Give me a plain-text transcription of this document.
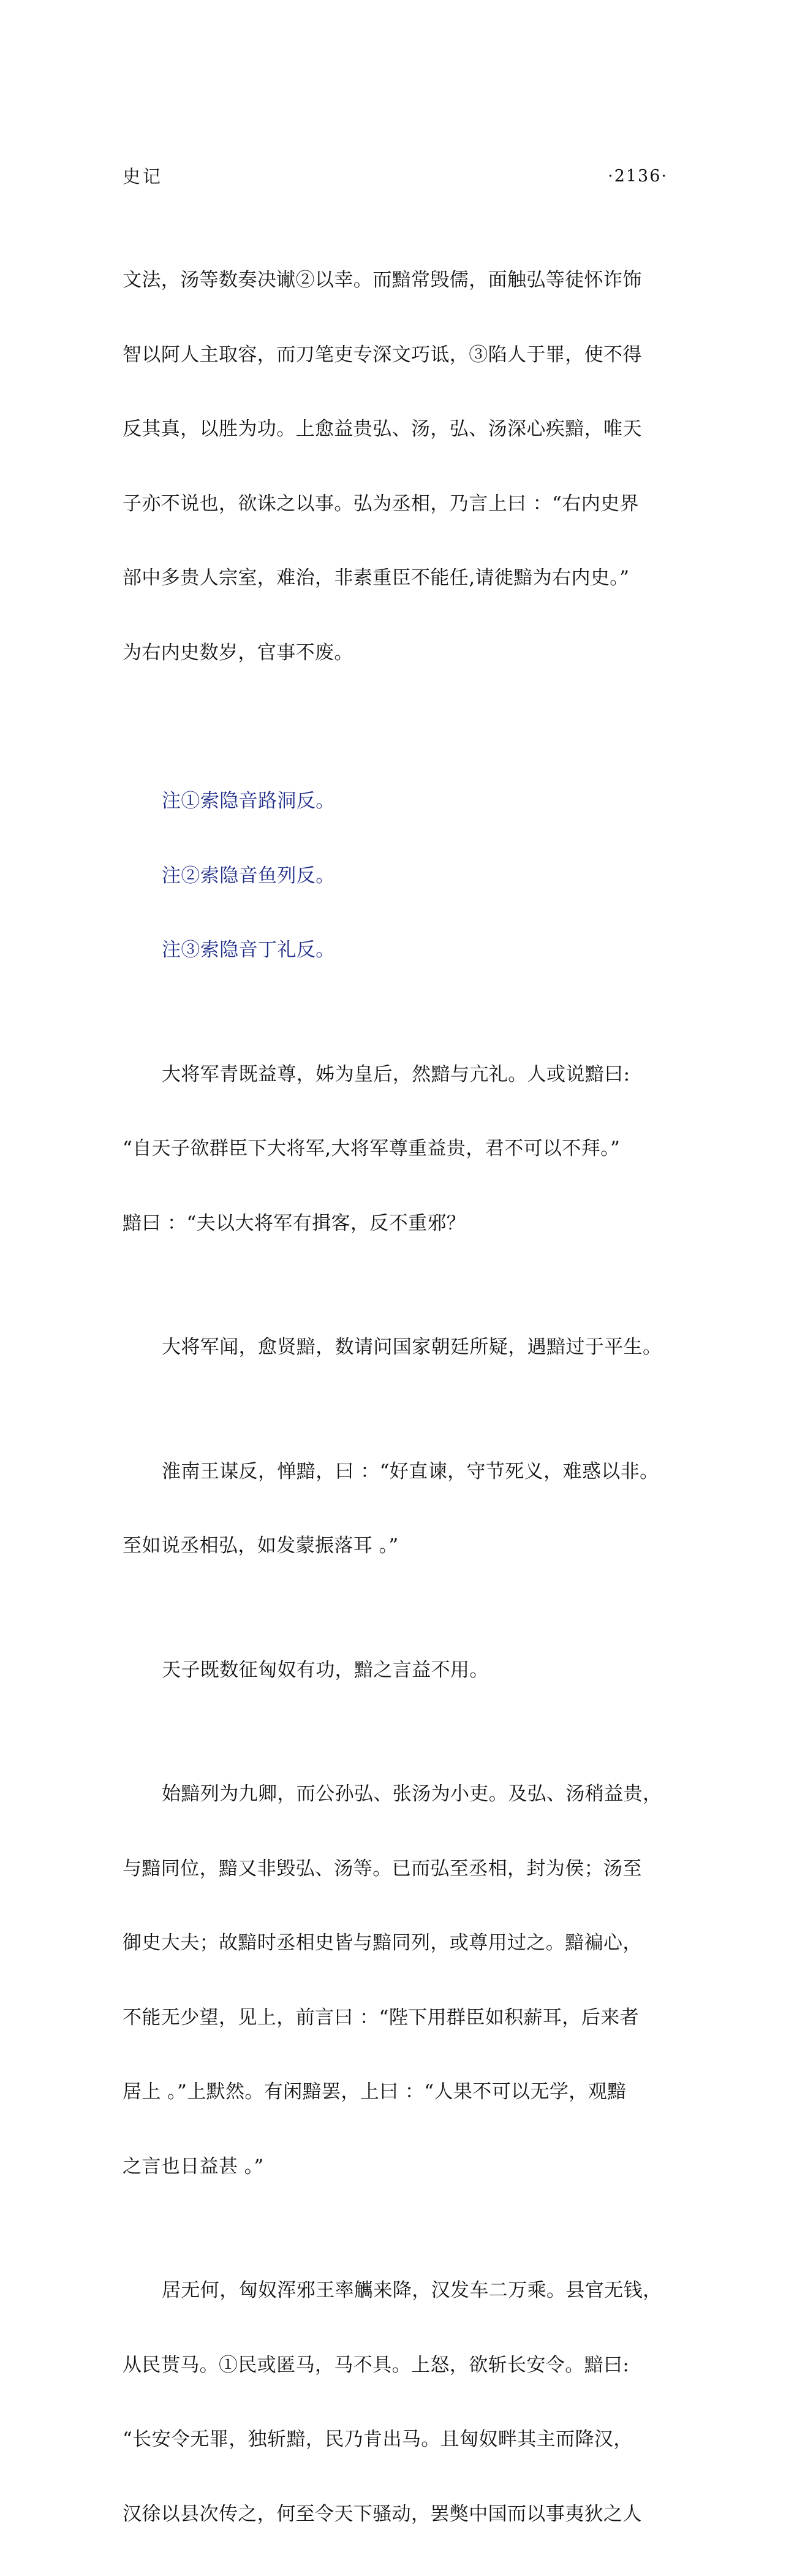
史记	·2136·

文法，汤等数奏决谳②以幸。而黯常毁儒，面触弘等徒怀诈饰

智以阿人主取容，而刀笔吏专深文巧诋，③陷人于罪，使不得

反其真，以胜为功。上愈益贵弘、汤，弘、汤深心疾黯，唯天

子亦不说也，欲诛之以事。弘为丞相，乃言上曰 ：“右内史界

部中多贵人宗室，难治，非素重臣不能任,请徙黯为右内史。”

为右内史数岁，官事不废。

注①索隐音路洞反。

注②索隐音鱼列反。

注③索隐音丁礼反。

大将军青既益尊，姊为皇后，然黯与亢礼。人或说黯曰:

“自天子欲群臣下大将军,大将军尊重益贵，君不可以不拜。”

黯曰 ：“夫以大将军有揖客，反不重邪？

大将军闻，愈贤黯，数请问国家朝廷所疑，遇黯过于平生。

淮南王谋反，惮黯，曰 ：“好直谏，守节死义，难惑以非。

至如说丞相弘，如发蒙振落耳 。”

天子既数征匈奴有功，黯之言益不用。

始黯列为九卿，而公孙弘、张汤为小吏。及弘、汤稍益贵，

与黯同位，黯又非毁弘、汤等。已而弘至丞相，封为侯；汤至

御史大夫；故黯时丞相史皆与黯同列，或尊用过之。黯褊心，

不能无少望，见上，前言曰 ：“陛下用群臣如积薪耳，后来者

居上 。”上默然。有闲黯罢，上曰 ：“人果不可以无学，观黯

之言也日益甚 。”

居无何，匈奴浑邪王率觽来降，汉发车二万乘。县官无钱，

从民贳马。①民或匿马，马不具。上怒，欲斩长安令。黯曰:

“长安令无罪，独斩黯，民乃肯出马。且匈奴畔其主而降汉，

汉徐以县次传之，何至令天下骚动，罢獘中国而以事夷狄之人
